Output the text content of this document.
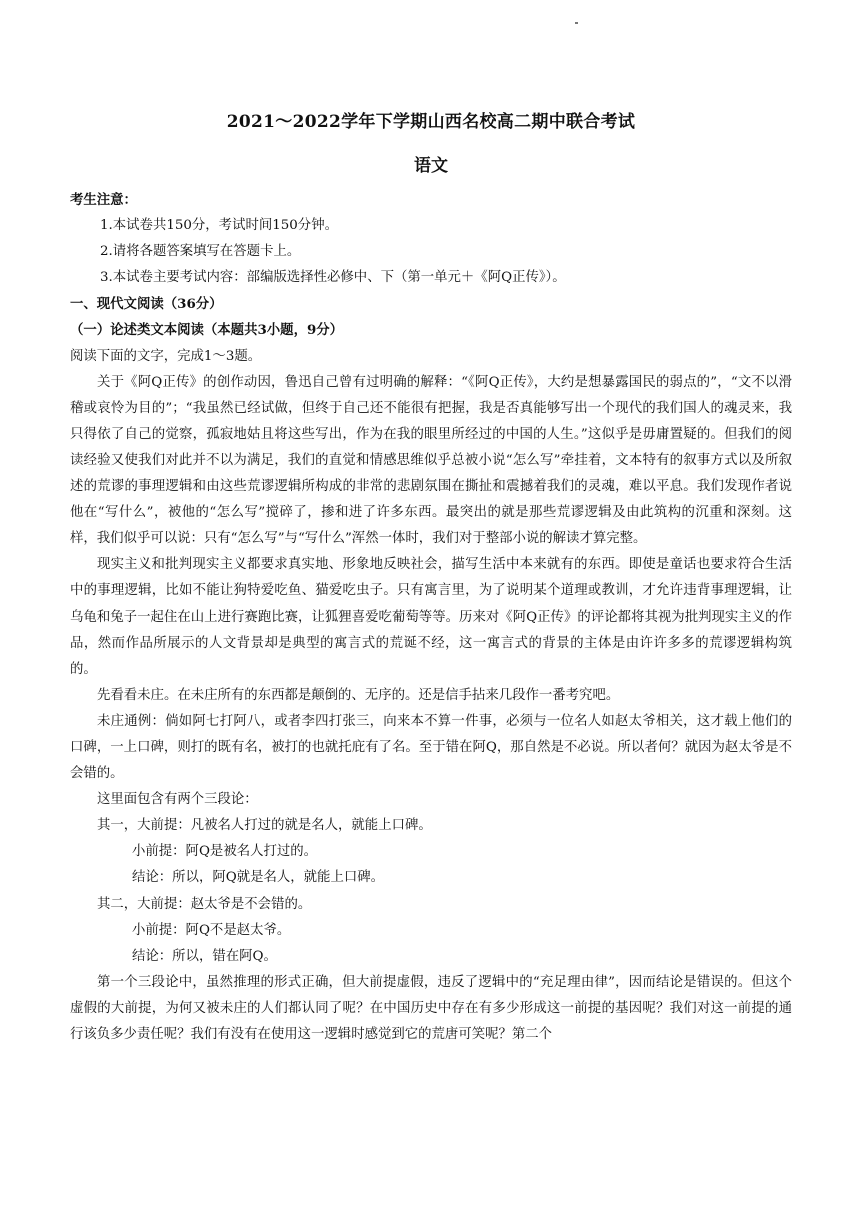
2021～2022学年下学期山西名校高二期中联合考试
语文

考生注意：

1.本试卷共150分，考试时间150分钟。

2.请将各题答案填写在答题卡上。

3.本试卷主要考试内容：部编版选择性必修中、下（第一单元＋《阿Q正传》）。

一、现代文阅读（36分）

（一）论述类文本阅读（本题共3小题，9分）

阅读下面的文字，完成1～3题。

关于《阿Q正传》的创作动因，鲁迅自己曾有过明确的解释：“《阿Q正传》，大约是想暴露国民的弱点的”，“文不以滑稽或哀怜为目的”；“我虽然已经试做，但终于自己还不能很有把握，我是否真能够写出一个现代的我们国人的魂灵来，我只得依了自己的觉察，孤寂地姑且将这些写出，作为在我的眼里所经过的中国的人生。”这似乎是毋庸置疑的。但我们的阅读经验又使我们对此并不以为满足，我们的直觉和情感思维似乎总被小说“怎么写”牵挂着，文本特有的叙事方式以及所叙述的荒谬的事理逻辑和由这些荒谬逻辑所构成的非常的悲剧氛围在撕扯和震撼着我们的灵魂，难以平息。我们发现作者说他在“写什么”，被他的“怎么写”搅碎了，掺和进了许多东西。最突出的就是那些荒谬逻辑及由此筑构的沉重和深刻。这样，我们似乎可以说：只有“怎么写”与“写什么”浑然一体时，我们对于整部小说的解读才算完整。

现实主义和批判现实主义都要求真实地、形象地反映社会，描写生活中本来就有的东西。即使是童话也要求符合生活中的事理逻辑，比如不能让狗特爱吃鱼、猫爱吃虫子。只有寓言里，为了说明某个道理或教训，才允许违背事理逻辑，让乌龟和兔子一起住在山上进行赛跑比赛，让狐狸喜爱吃葡萄等等。历来对《阿Q正传》的评论都将其视为批判现实主义的作品，然而作品所展示的人文背景却是典型的寓言式的荒诞不经，这一寓言式的背景的主体是由许许多多的荒谬逻辑构筑的。

先看看未庄。在未庄所有的东西都是颠倒的、无序的。还是信手拈来几段作一番考究吧。

未庄通例：倘如阿七打阿八，或者李四打张三，向来本不算一件事，必须与一位名人如赵太爷相关，这才载上他们的口碑，一上口碑，则打的既有名，被打的也就托庇有了名。至于错在阿Q，那自然是不必说。所以者何？就因为赵太爷是不会错的。

这里面包含有两个三段论：

其一，大前提：凡被名人打过的就是名人，就能上口碑。

小前提：阿Q是被名人打过的。

结论：所以，阿Q就是名人，就能上口碑。

其二，大前提：赵太爷是不会错的。

小前提：阿Q不是赵太爷。

结论：所以，错在阿Q。

第一个三段论中，虽然推理的形式正确，但大前提虚假，违反了逻辑中的“充足理由律”，因而结论是错误的。但这个虚假的大前提，为何又被未庄的人们都认同了呢？在中国历史中存在有多少形成这一前提的基因呢？我们对这一前提的通行该负多少责任呢？我们有没有在使用这一逻辑时感觉到它的荒唐可笑呢？第二个
